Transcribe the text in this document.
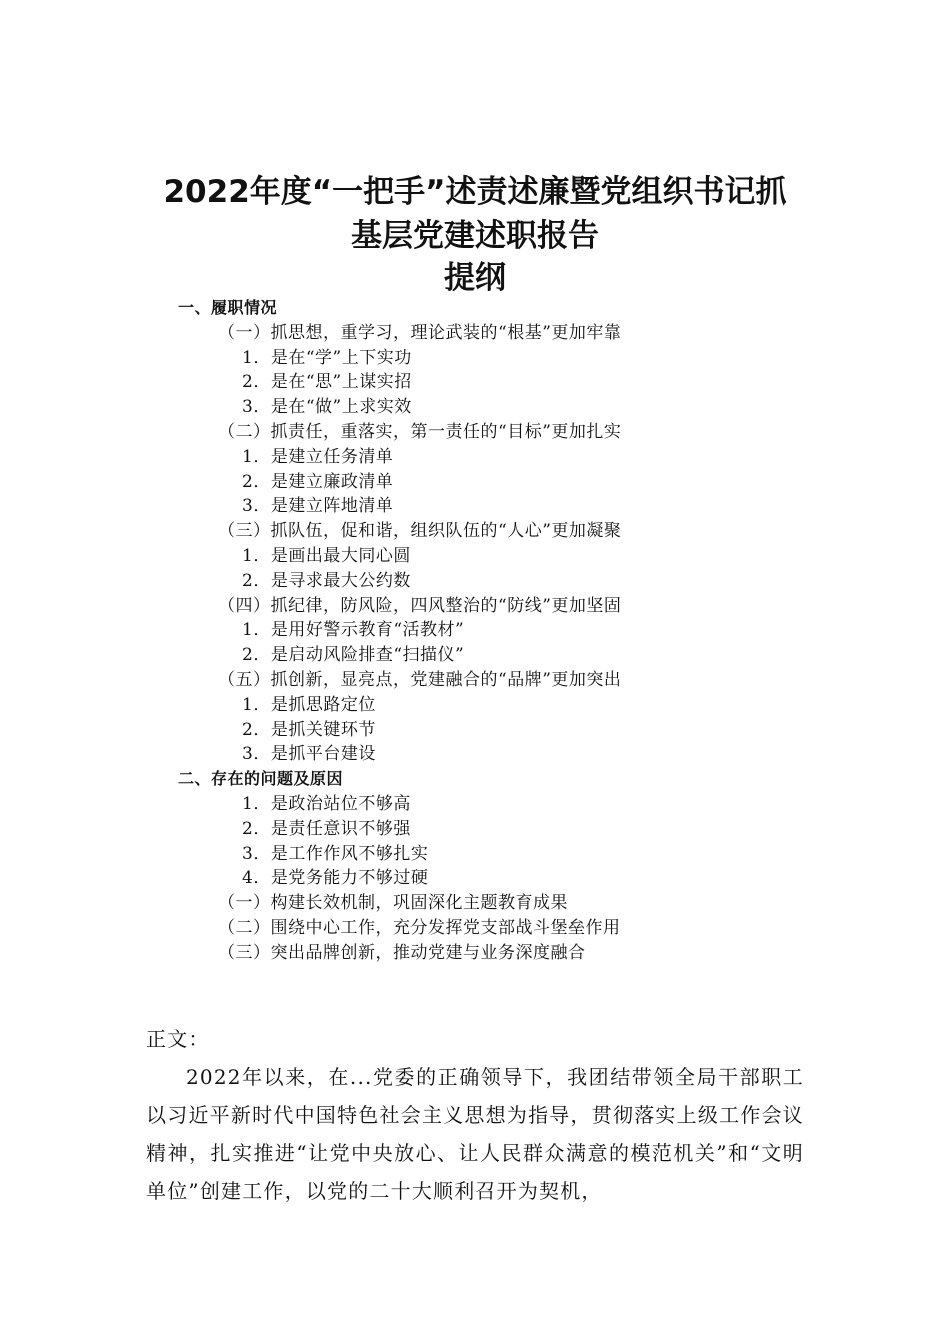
2022年度“一把手”述责述廉暨党组织书记抓
基层党建述职报告
提纲
一、履职情况
（一）抓思想，重学习，理论武装的“根基”更加牢靠
1．是在“学”上下实功
2．是在“思”上谋实招
3．是在“做”上求实效
（二）抓责任，重落实，第一责任的“目标”更加扎实
1．是建立任务清单
2．是建立廉政清单
3．是建立阵地清单
（三）抓队伍，促和谐，组织队伍的“人心”更加凝聚
1．是画出最大同心圆
2．是寻求最大公约数
（四）抓纪律，防风险，四风整治的“防线”更加坚固
1．是用好警示教育“活教材”
2．是启动风险排查“扫描仪”
（五）抓创新，显亮点，党建融合的“品牌”更加突出
1．是抓思路定位
2．是抓关键环节
3．是抓平台建设
二、存在的问题及原因
1．是政治站位不够高
2．是责任意识不够强
3．是工作作风不够扎实
4．是党务能力不够过硬
（一）构建长效机制，巩固深化主题教育成果
（二）围绕中心工作，充分发挥党支部战斗堡垒作用
（三）突出品牌创新，推动党建与业务深度融合
正文：
2022年以来，在...党委的正确领导下，我团结带领全局干部职工以习近平新时代中国特色社会主义思想为指导，贯彻落实上级工作会议精神，扎实推进“让党中央放心、让人民群众满意的模范机关”和“文明单位”创建工作，以党的二十大顺利召开为契机，
